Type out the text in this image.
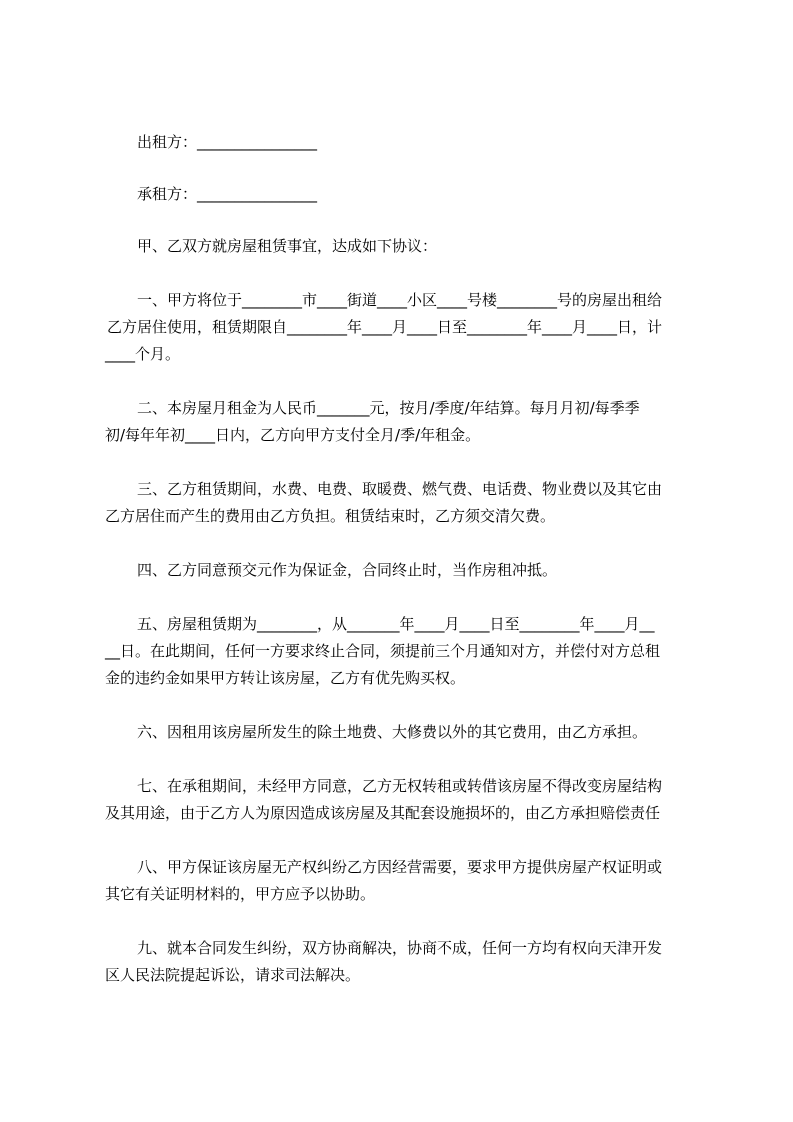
出租方：________________
承租方：________________
甲、乙双方就房屋租赁事宜，达成如下协议：
一、甲方将位于________市____街道____小区____号楼________号的房屋出租给
乙方居住使用，租赁期限自________年____月____日至________年____月____日，计
____个月。
二、本房屋月租金为人民币_______元，按月/季度/年结算。每月月初/每季季
初/每年年初____日内，乙方向甲方支付全月/季/年租金。
三、乙方租赁期间，水费、电费、取暖费、燃气费、电话费、物业费以及其它由
乙方居住而产生的费用由乙方负担。租赁结束时，乙方须交清欠费。
四、乙方同意预交元作为保证金，合同终止时，当作房租冲抵。
五、房屋租赁期为________，从_______年____月____日至________年____月__
__日。在此期间，任何一方要求终止合同，须提前三个月通知对方，并偿付对方总租
金的违约金如果甲方转让该房屋，乙方有优先购买权。
六、因租用该房屋所发生的除土地费、大修费以外的其它费用，由乙方承担。
七、在承租期间，未经甲方同意，乙方无权转租或转借该房屋不得改变房屋结构
及其用途，由于乙方人为原因造成该房屋及其配套设施损坏的，由乙方承担赔偿责任
八、甲方保证该房屋无产权纠纷乙方因经营需要，要求甲方提供房屋产权证明或
其它有关证明材料的，甲方应予以协助。
九、就本合同发生纠纷，双方协商解决，协商不成，任何一方均有权向天津开发
区人民法院提起诉讼，请求司法解决。
